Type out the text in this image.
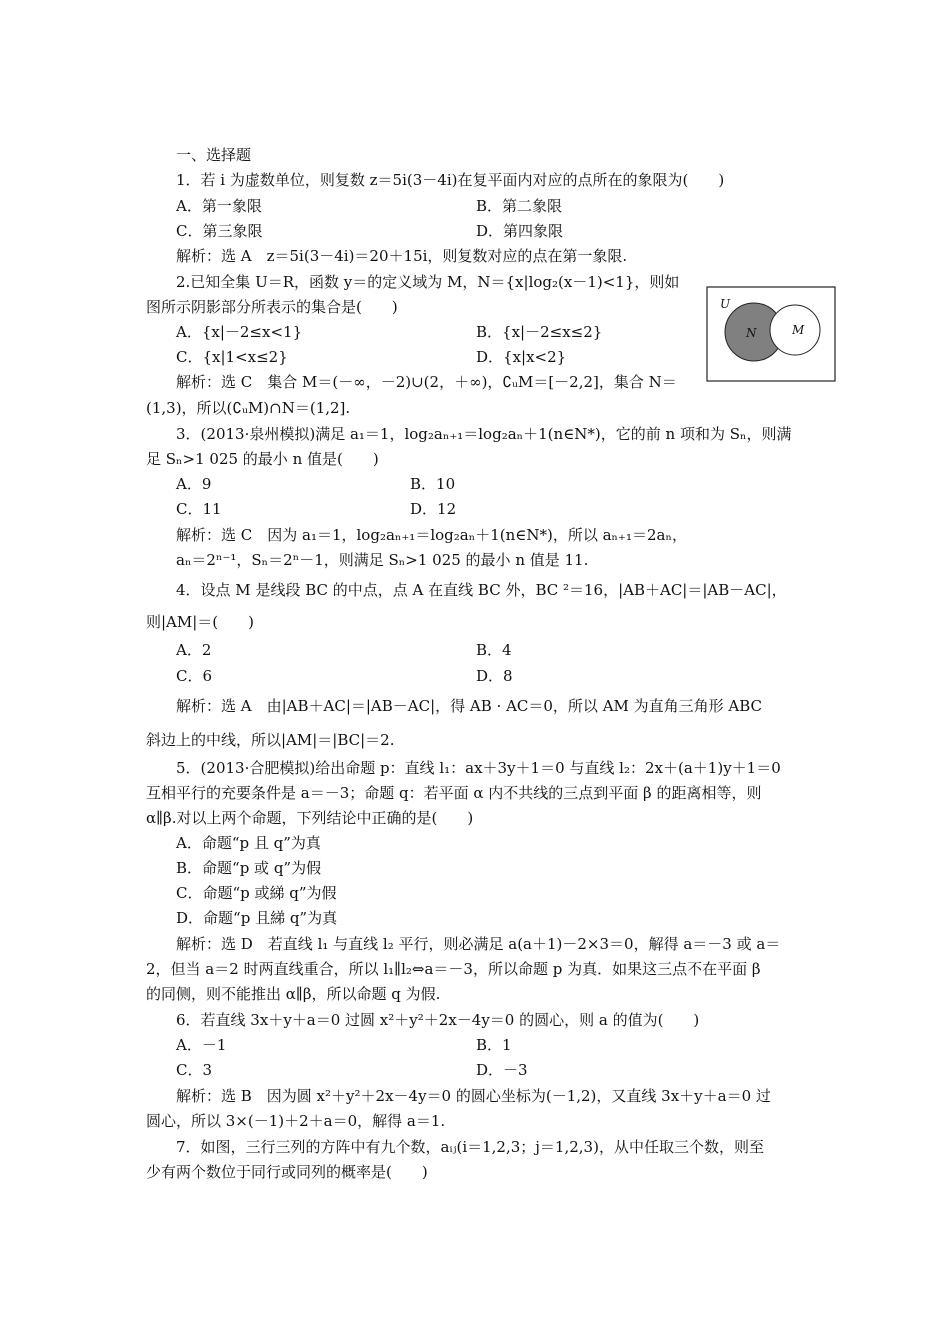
一、选择题
1．若 i 为虚数单位，则复数 z＝5i(3－4i)在复平面内对应的点所在的象限为(　　)
A．第一象限	B．第二象限
C．第三象限	D．第四象限
解析：选 A　z＝5i(3－4i)＝20＋15i，则复数对应的点在第一象限.
2.已知全集 U＝R，函数 y＝的定义域为 M，N＝{x|log₂(x－1)<1}，则如
图所示阴影部分所表示的集合是(　　)
A．{x|－2≤x<1}	B．{x|－2≤x≤2}
C．{x|1<x≤2}	D．{x|x<2}
解析：选 C　集合 M＝(－∞，－2)∪(2，＋∞)，∁ᵤM＝[－2,2]，集合 N＝
(1,3)，所以(∁ᵤM)∩N＝(1,2].
U
N	M
3．(2013·泉州模拟)满足 a₁＝1，log₂aₙ₊₁＝log₂aₙ＋1(n∈N*)，它的前 n 项和为 Sₙ，则满
足 Sₙ>1 025 的最小 n 值是(　　)
A．9	B．10
C．11	D．12
解析：选 C　因为 a₁＝1，log₂aₙ₊₁＝log₂aₙ＋1(n∈N*)，所以 aₙ₊₁＝2aₙ，
aₙ＝2ⁿ⁻¹，Sₙ＝2ⁿ－1，则满足 Sₙ>1 025 的最小 n 值是 11.
4．设点 M 是线段 BC 的中点，点 A 在直线 BC 外，BC ²＝16，|AB＋AC|＝|AB－AC|，
则|AM|＝(　　)
A．2	B．4
C．6	D．8
解析：选 A　由|AB＋AC|＝|AB－AC|，得 AB · AC＝0，所以 AM 为直角三角形 ABC
斜边上的中线，所以|AM|＝|BC|＝2.
5．(2013·合肥模拟)给出命题 p：直线 l₁：ax＋3y＋1＝0 与直线 l₂：2x＋(a＋1)y＋1＝0
互相平行的充要条件是 a＝－3；命题 q：若平面 α 内不共线的三点到平面 β 的距离相等，则
α∥β.对以上两个命题，下列结论中正确的是(　　)
A．命题“p 且 q”为真
B．命题“p 或 q”为假
C．命题“p 或綈 q”为假
D．命题“p 且綈 q”为真
解析：选 D　若直线 l₁ 与直线 l₂ 平行，则必满足 a(a＋1)－2×3＝0，解得 a＝－3 或 a＝
2，但当 a＝2 时两直线重合，所以 l₁∥l₂⇔a＝－3，所以命题 p 为真．如果这三点不在平面 β
的同侧，则不能推出 α∥β，所以命题 q 为假.
6．若直线 3x＋y＋a＝0 过圆 x²＋y²＋2x－4y＝0 的圆心，则 a 的值为(　　)
A．－1	B．1
C．3	D．－3
解析：选 B　因为圆 x²＋y²＋2x－4y＝0 的圆心坐标为(－1,2)，又直线 3x＋y＋a＝0 过
圆心，所以 3×(－1)＋2＋a＝0，解得 a＝1.
7．如图，三行三列的方阵中有九个数，aᵢⱼ(i＝1,2,3；j＝1,2,3)，从中任取三个数，则至
少有两个数位于同行或同列的概率是(　　)
